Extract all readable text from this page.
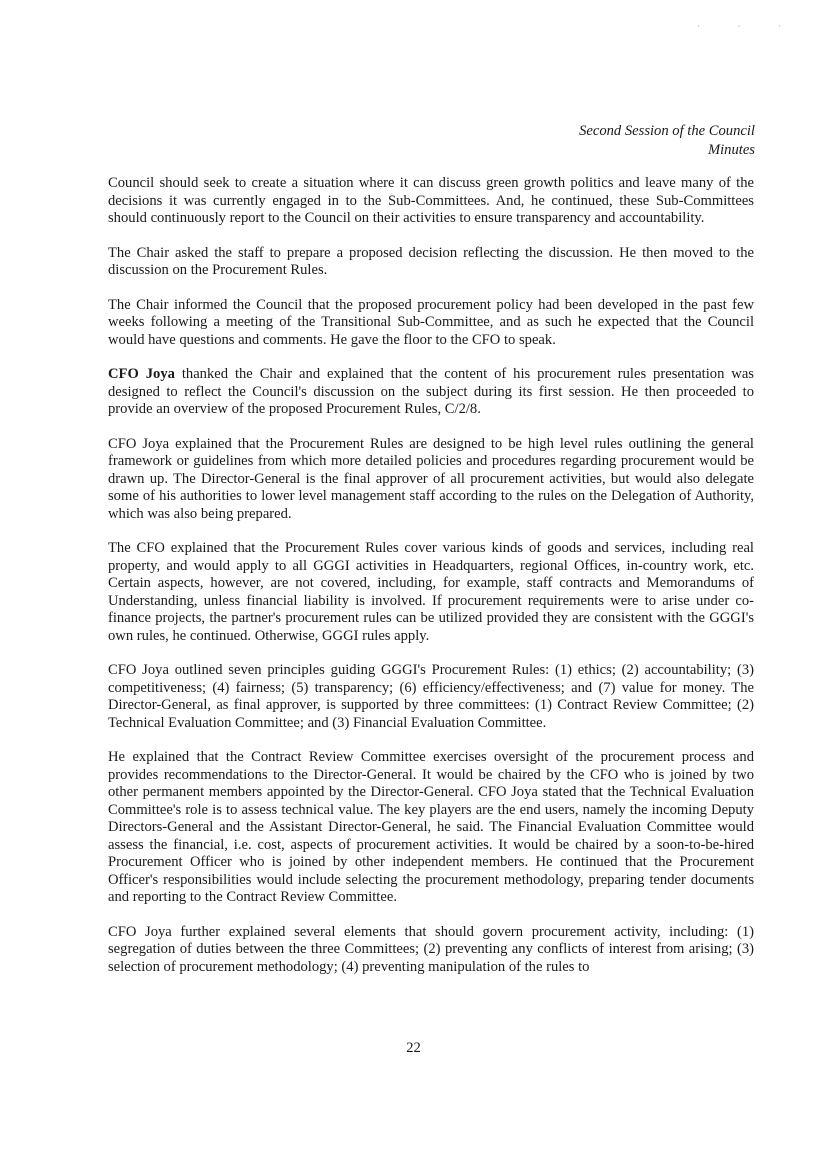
· · ·
Second Session of the Council
Minutes

Council should seek to create a situation where it can discuss green growth politics and leave many of the decisions it was currently engaged in to the Sub-Committees. And, he continued, these Sub-Committees should continuously report to the Council on their activities to ensure transparency and accountability.

The Chair asked the staff to prepare a proposed decision reflecting the discussion. He then moved to the discussion on the Procurement Rules.

The Chair informed the Council that the proposed procurement policy had been developed in the past few weeks following a meeting of the Transitional Sub-Committee, and as such he expected that the Council would have questions and comments. He gave the floor to the CFO to speak.

CFO Joya thanked the Chair and explained that the content of his procurement rules presentation was designed to reflect the Council's discussion on the subject during its first session. He then proceeded to provide an overview of the proposed Procurement Rules, C/2/8.

CFO Joya explained that the Procurement Rules are designed to be high level rules outlining the general framework or guidelines from which more detailed policies and procedures regarding procurement would be drawn up. The Director-General is the final approver of all procurement activities, but would also delegate some of his authorities to lower level management staff according to the rules on the Delegation of Authority, which was also being prepared.

The CFO explained that the Procurement Rules cover various kinds of goods and services, including real property, and would apply to all GGGI activities in Headquarters, regional Offices, in-country work, etc. Certain aspects, however, are not covered, including, for example, staff contracts and Memorandums of Understanding, unless financial liability is involved. If procurement requirements were to arise under co-finance projects, the partner's procurement rules can be utilized provided they are consistent with the GGGI's own rules, he continued. Otherwise, GGGI rules apply.

CFO Joya outlined seven principles guiding GGGI's Procurement Rules: (1) ethics; (2) accountability; (3) competitiveness; (4) fairness; (5) transparency; (6) efficiency/effectiveness; and (7) value for money. The Director-General, as final approver, is supported by three committees: (1) Contract Review Committee; (2) Technical Evaluation Committee; and (3) Financial Evaluation Committee.

He explained that the Contract Review Committee exercises oversight of the procurement process and provides recommendations to the Director-General. It would be chaired by the CFO who is joined by two other permanent members appointed by the Director-General. CFO Joya stated that the Technical Evaluation Committee's role is to assess technical value. The key players are the end users, namely the incoming Deputy Directors-General and the Assistant Director-General, he said. The Financial Evaluation Committee would assess the financial, i.e. cost, aspects of procurement activities. It would be chaired by a soon-to-be-hired Procurement Officer who is joined by other independent members. He continued that the Procurement Officer's responsibilities would include selecting the procurement methodology, preparing tender documents and reporting to the Contract Review Committee.

CFO Joya further explained several elements that should govern procurement activity, including: (1) segregation of duties between the three Committees; (2) preventing any conflicts of interest from arising; (3) selection of procurement methodology; (4) preventing manipulation of the rules to

22
